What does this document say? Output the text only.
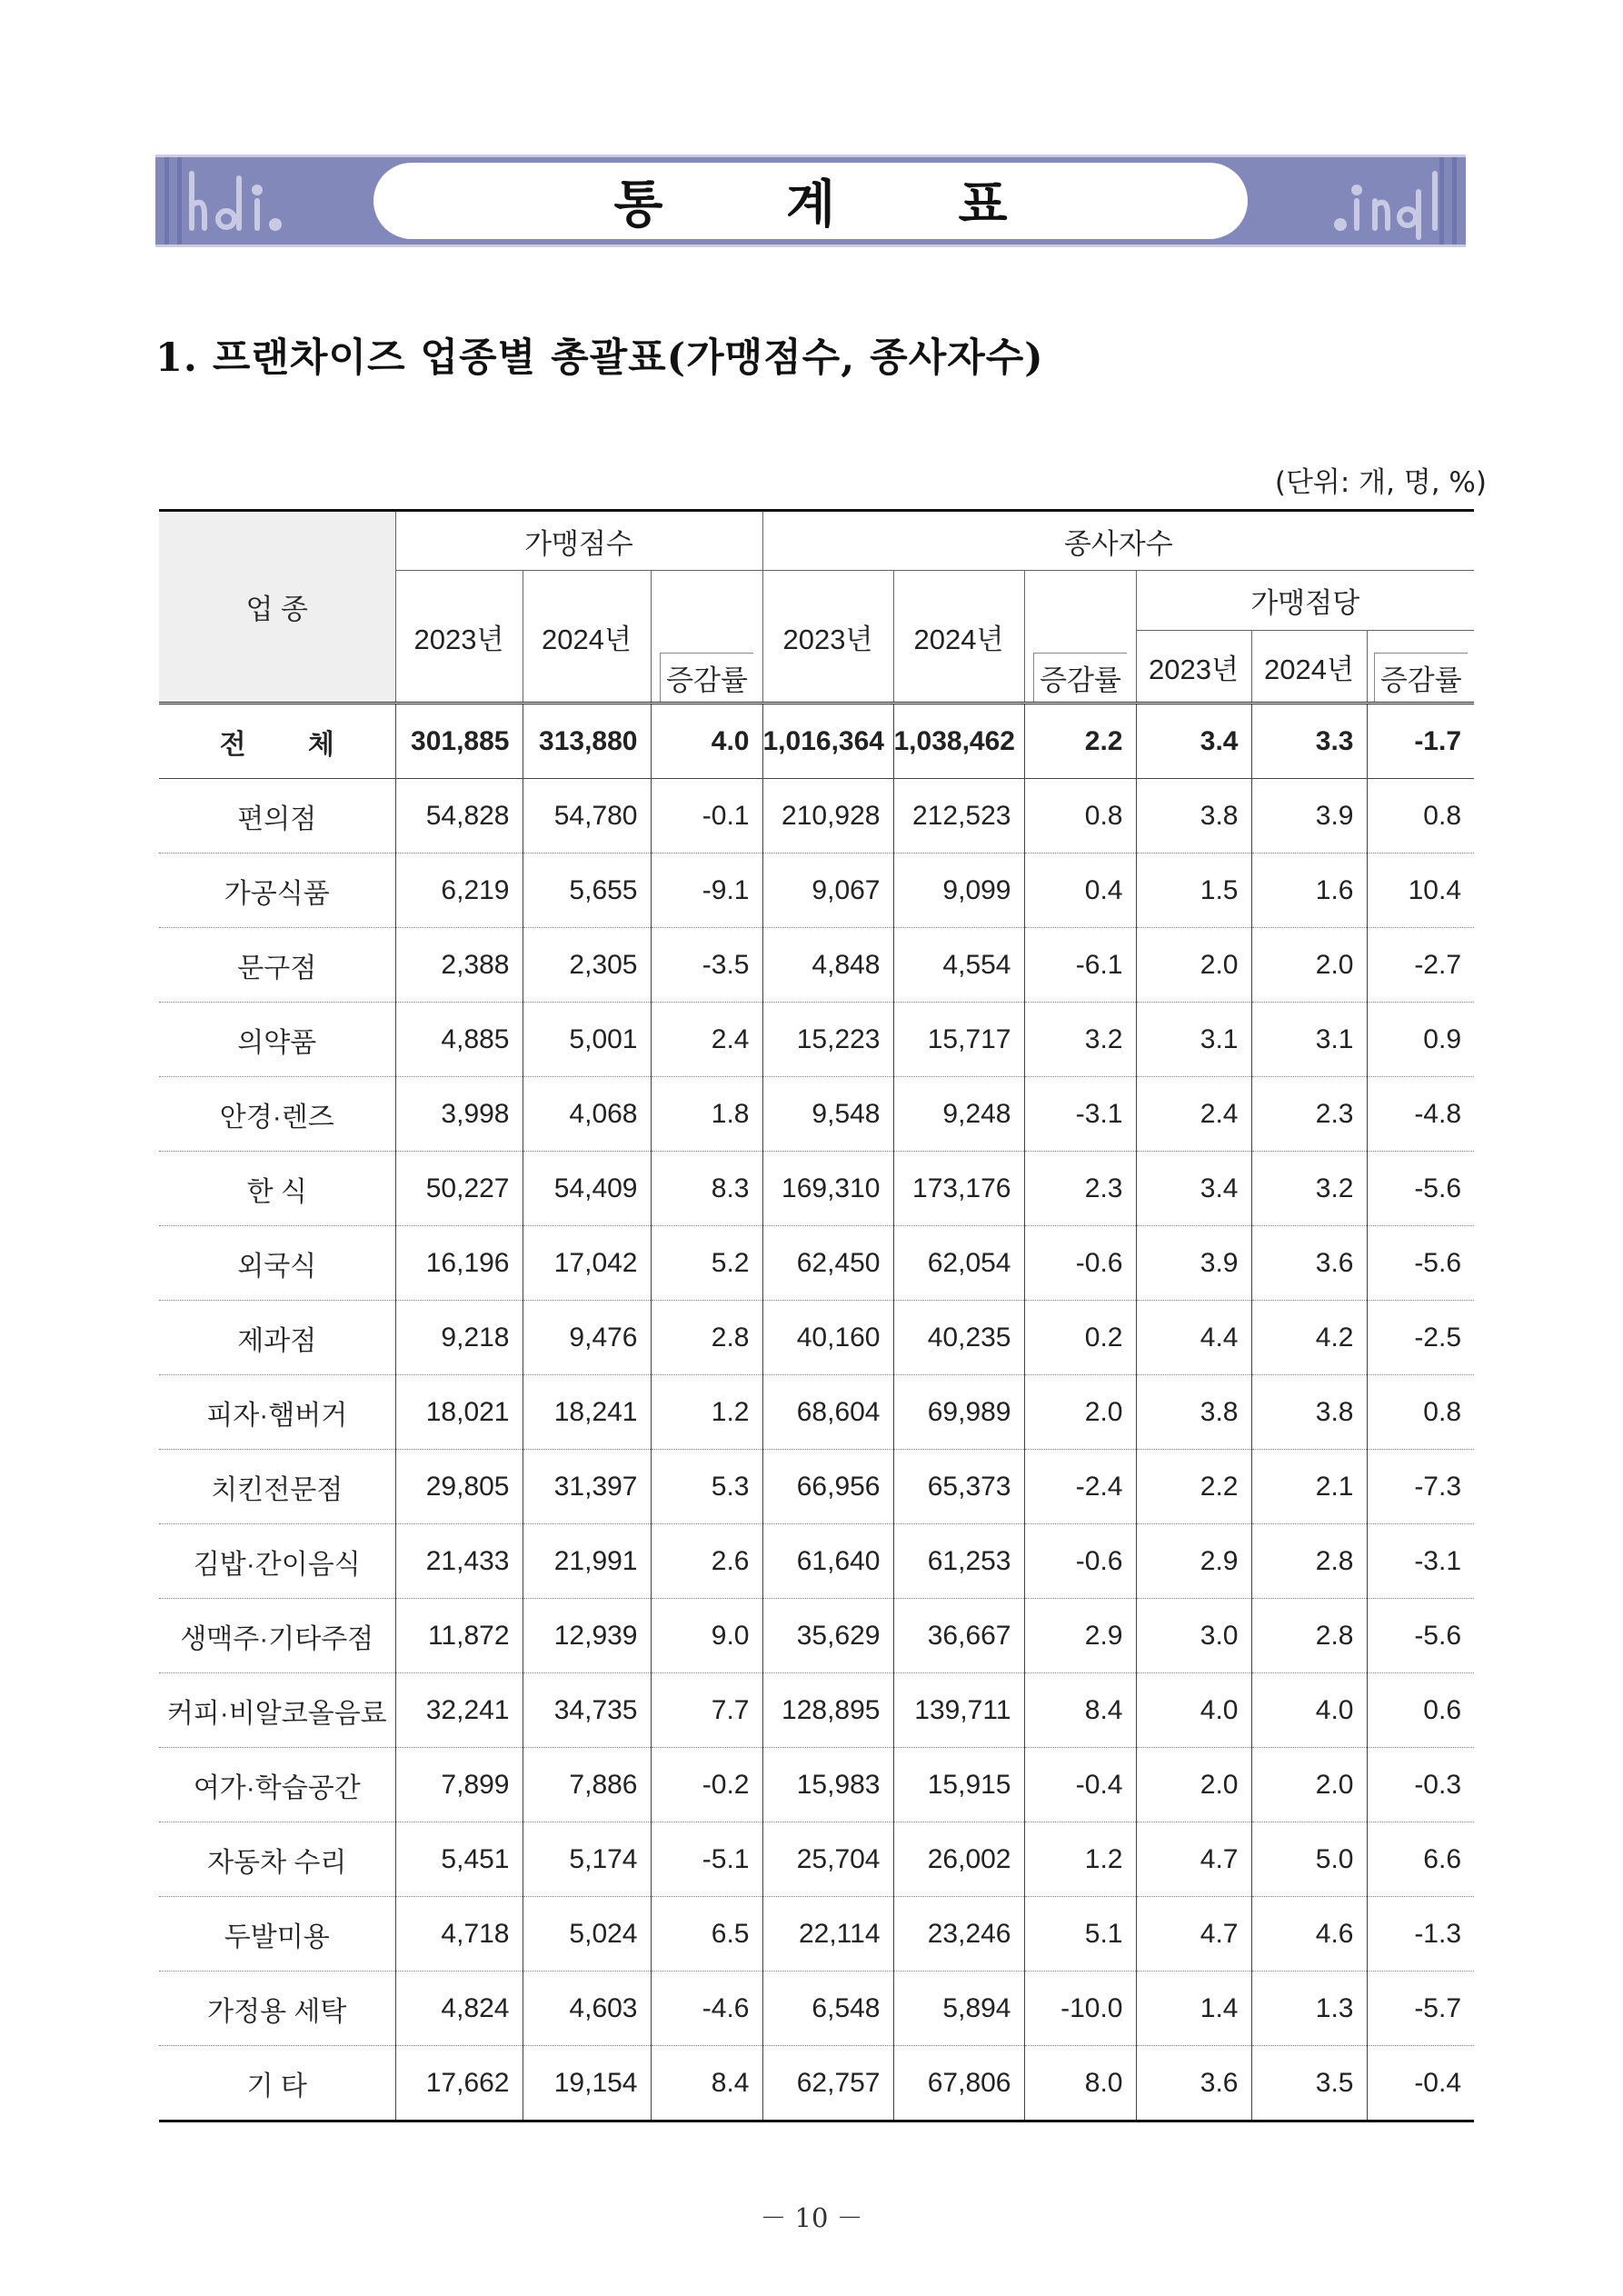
통 계 표
1. 프랜차이즈 업종별 총괄표(가맹점수, 종사자수)
(단위: 개, 명, %)
업 종	가맹점수			종사자수					
	2023년	2024년	증감률	2023년	2024년	증감률	가맹점당		
							2023년	2024년	증감률
전 체	301,885	313,880	4.0	1,016,364	1,038,462	2.2	3.4	3.3	-1.7
편의점	54,828	54,780	-0.1	210,928	212,523	0.8	3.8	3.9	0.8
가공식품	6,219	5,655	-9.1	9,067	9,099	0.4	1.5	1.6	10.4
문구점	2,388	2,305	-3.5	4,848	4,554	-6.1	2.0	2.0	-2.7
의약품	4,885	5,001	2.4	15,223	15,717	3.2	3.1	3.1	0.9
안경·렌즈	3,998	4,068	1.8	9,548	9,248	-3.1	2.4	2.3	-4.8
한 식	50,227	54,409	8.3	169,310	173,176	2.3	3.4	3.2	-5.6
외국식	16,196	17,042	5.2	62,450	62,054	-0.6	3.9	3.6	-5.6
제과점	9,218	9,476	2.8	40,160	40,235	0.2	4.4	4.2	-2.5
피자·햄버거	18,021	18,241	1.2	68,604	69,989	2.0	3.8	3.8	0.8
치킨전문점	29,805	31,397	5.3	66,956	65,373	-2.4	2.2	2.1	-7.3
김밥·간이음식	21,433	21,991	2.6	61,640	61,253	-0.6	2.9	2.8	-3.1
생맥주·기타주점	11,872	12,939	9.0	35,629	36,667	2.9	3.0	2.8	-5.6
커피·비알코올음료	32,241	34,735	7.7	128,895	139,711	8.4	4.0	4.0	0.6
여가·학습공간	7,899	7,886	-0.2	15,983	15,915	-0.4	2.0	2.0	-0.3
자동차 수리	5,451	5,174	-5.1	25,704	26,002	1.2	4.7	5.0	6.6
두발미용	4,718	5,024	6.5	22,114	23,246	5.1	4.7	4.6	-1.3
가정용 세탁	4,824	4,603	-4.6	6,548	5,894	-10.0	1.4	1.3	-5.7
기 타	17,662	19,154	8.4	62,757	67,806	8.0	3.6	3.5	-0.4
－ 10 －
